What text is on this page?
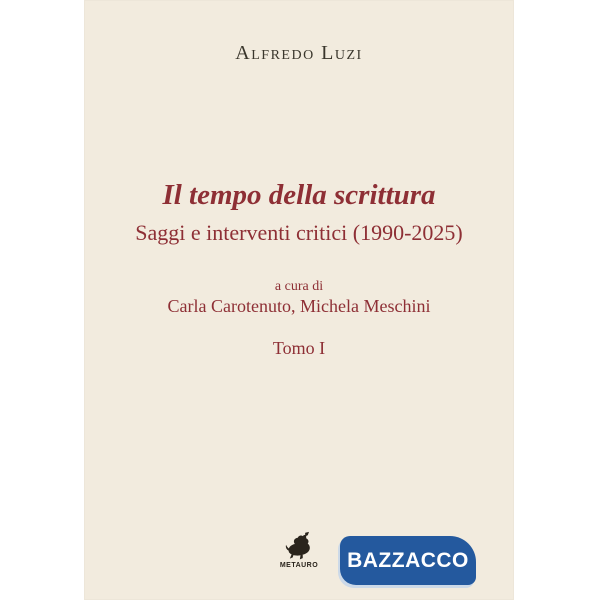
Alfredo Luzi
Il tempo della scrittura
Saggi e interventi critici (1990-2025)
a cura di
Carla Carotenuto, Michela Meschini
Tomo I
METAURO BAZZACCO
